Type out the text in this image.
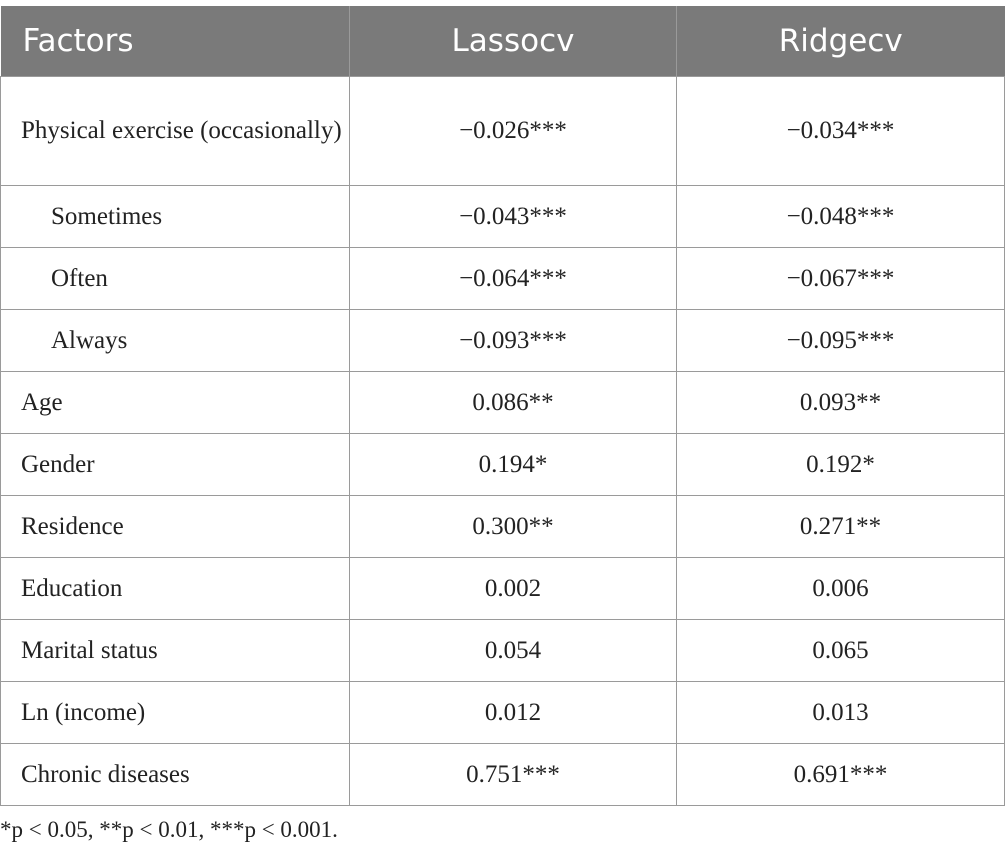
Factors	Lassocv	Ridgecv
Physical exercise (occasionally)	−0.026***	−0.034***
Sometimes	−0.043***	−0.048***
Often	−0.064***	−0.067***
Always	−0.093***	−0.095***
Age	0.086**	0.093**
Gender	0.194*	0.192*
Residence	0.300**	0.271**
Education	0.002	0.006
Marital status	0.054	0.065
Ln (income)	0.012	0.013
Chronic diseases	0.751***	0.691***
*p < 0.05, **p < 0.01, ***p < 0.001.
